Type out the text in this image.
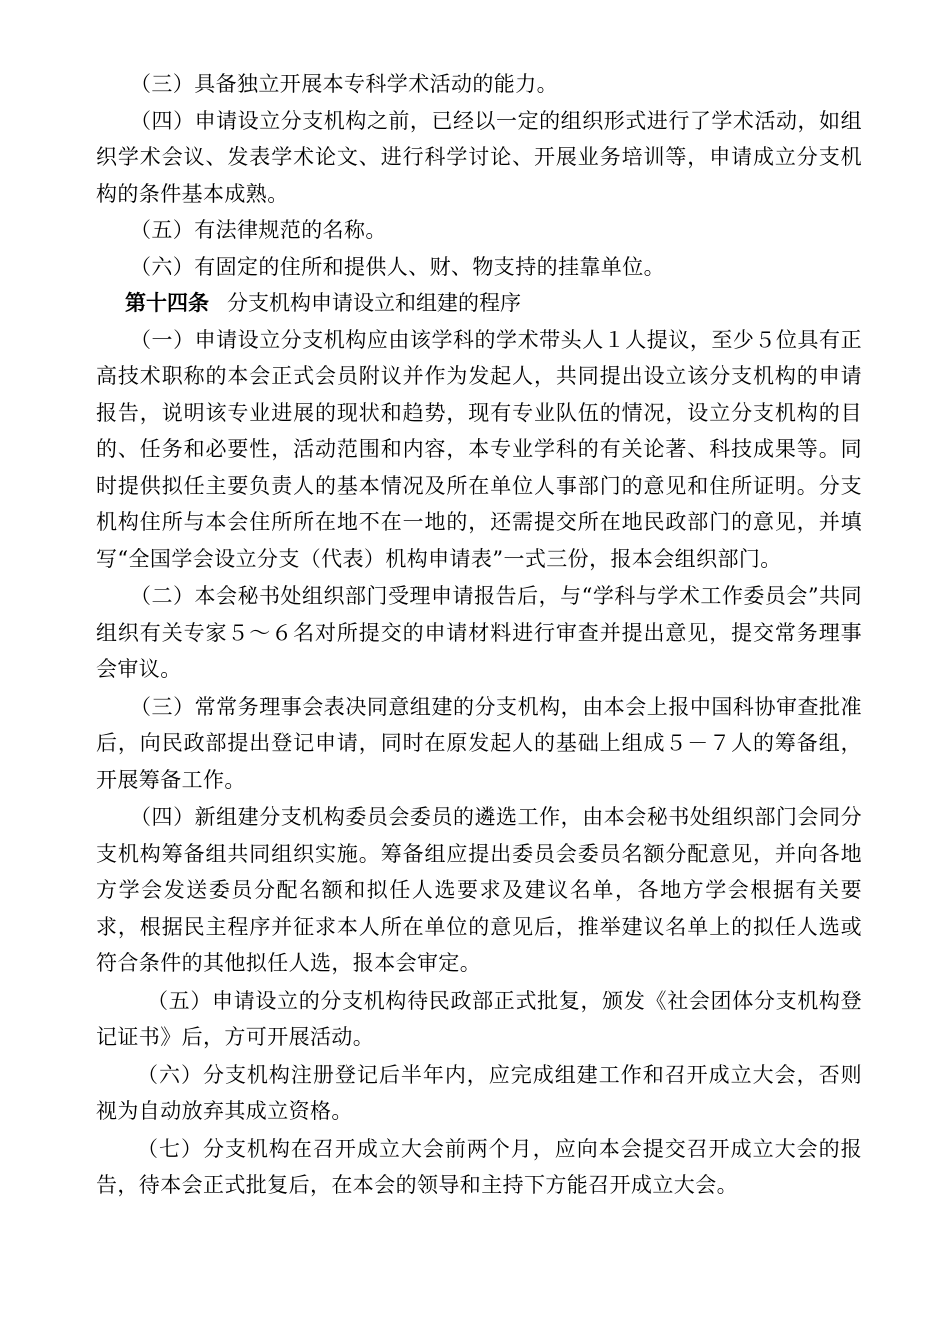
（三）具备独立开展本专科学术活动的能力。

（四）申请设立分支机构之前，已经以一定的组织形式进行了学术活动，如组织学术会议、发表学术论文、进行科学讨论、开展业务培训等，申请成立分支机构的条件基本成熟。

（五）有法律规范的名称。

（六）有固定的住所和提供人、财、物支持的挂靠单位。

第十四条 分支机构申请设立和组建的程序

（一）申请设立分支机构应由该学科的学术带头人１人提议，至少５位具有正高技术职称的本会正式会员附议并作为发起人，共同提出设立该分支机构的申请报告，说明该专业进展的现状和趋势，现有专业队伍的情况，设立分支机构的目的、任务和必要性，活动范围和内容，本专业学科的有关论著、科技成果等。同时提供拟任主要负责人的基本情况及所在单位人事部门的意见和住所证明。分支机构住所与本会住所所在地不在一地的，还需提交所在地民政部门的意见，并填写“全国学会设立分支（代表）机构申请表”一式三份，报本会组织部门。

（二）本会秘书处组织部门受理申请报告后，与“学科与学术工作委员会”共同组织有关专家５～６名对所提交的申请材料进行审查并提出意见，提交常务理事会审议。

（三）常常务理事会表决同意组建的分支机构，由本会上报中国科协审查批准后，向民政部提出登记申请，同时在原发起人的基础上组成５－７人的筹备组，开展筹备工作。

（四）新组建分支机构委员会委员的遴选工作，由本会秘书处组织部门会同分支机构筹备组共同组织实施。筹备组应提出委员会委员名额分配意见，并向各地方学会发送委员分配名额和拟任人选要求及建议名单，各地方学会根据有关要求，根据民主程序并征求本人所在单位的意见后，推举建议名单上的拟任人选或符合条件的其他拟任人选，报本会审定。

（五）申请设立的分支机构待民政部正式批复，颁发《社会团体分支机构登记证书》后，方可开展活动。

（六）分支机构注册登记后半年内，应完成组建工作和召开成立大会，否则视为自动放弃其成立资格。

（七）分支机构在召开成立大会前两个月，应向本会提交召开成立大会的报告，待本会正式批复后，在本会的领导和主持下方能召开成立大会。
